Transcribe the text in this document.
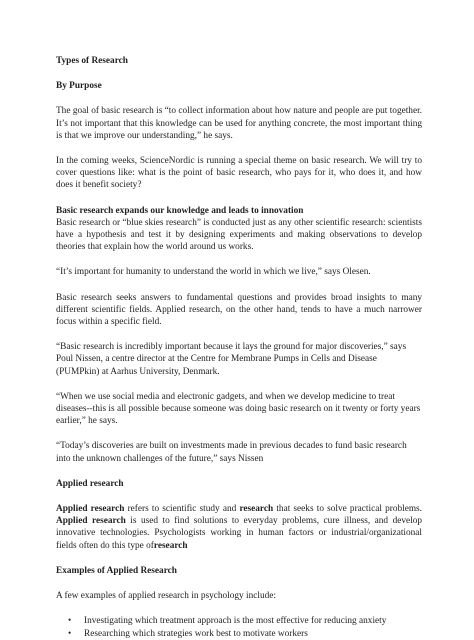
Types of Research
By Purpose

The goal of basic research is “to collect information about how nature and people are put together. It’s not important that this knowledge can be used for anything concrete, the most important thing is that we improve our understanding,” he says.

In the coming weeks, ScienceNordic is running a special theme on basic research. We will try to cover questions like: what is the point of basic research, who pays for it, who does it, and how does it benefit society?

Basic research expands our knowledge and leads to innovation

Basic research or “blue skies research” is conducted just as any other scientific research: scientists have a hypothesis and test it by designing experiments and making observations to develop theories that explain how the world around us works.

“It’s important for humanity to understand the world in which we live,” says Olesen.

Basic research seeks answers to fundamental questions and provides broad insights to many different scientific fields. Applied research, on the other hand, tends to have a much narrower focus within a specific field.

“Basic research is incredibly important because it lays the ground for major discoveries,” says Poul Nissen, a centre director at the Centre for Membrane Pumps in Cells and Disease (PUMPkin) at Aarhus University, Denmark.

“When we use social media and electronic gadgets, and when we develop medicine to treat diseases--this is all possible because someone was doing basic research on it twenty or forty years earlier,” he says.

“Today’s discoveries are built on investments made in previous decades to fund basic research into the unknown challenges of the future,” says Nissen

Applied research

Applied research refers to scientific study and research that seeks to solve practical problems. Applied research is used to find solutions to everyday problems, cure illness, and develop innovative technologies. Psychologists working in human factors or industrial/organizational fields often do this type ofresearch

Examples of Applied Research

A few examples of applied research in psychology include:

• Investigating which treatment approach is the most effective for reducing anxiety
• Researching which strategies work best to motivate workers
